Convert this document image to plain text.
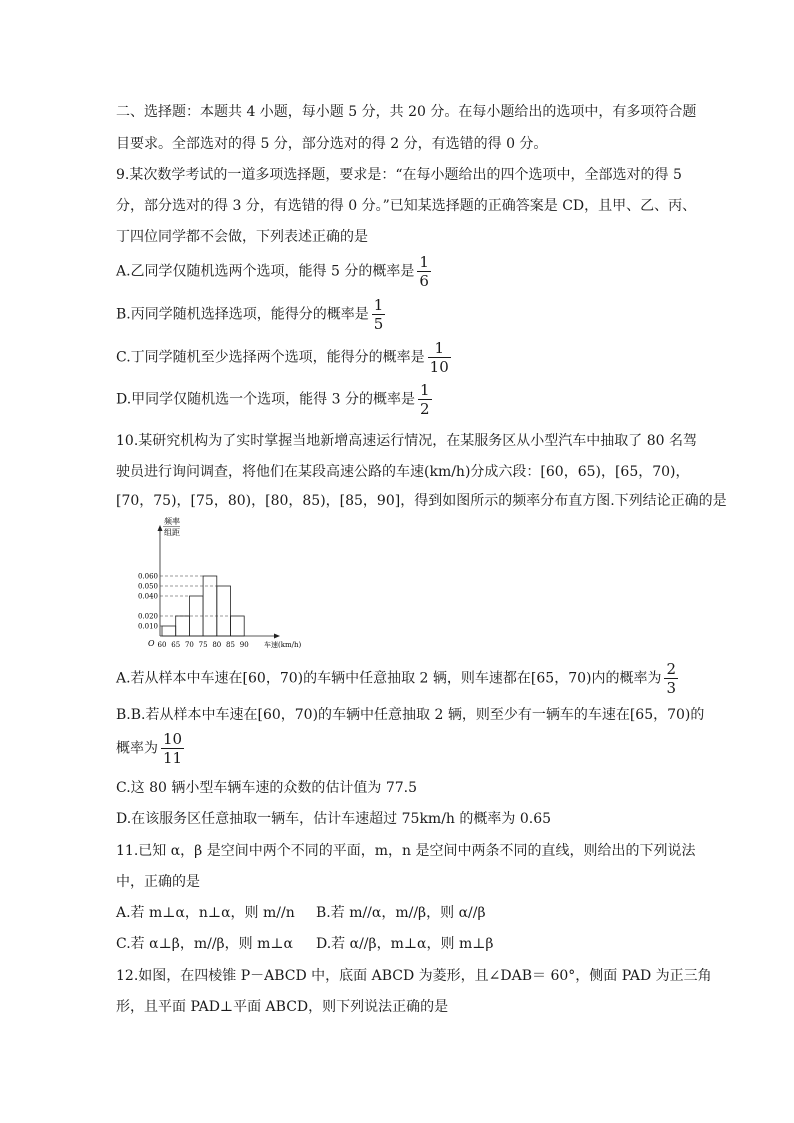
二、选择题：本题共 4 小题，每小题 5 分，共 20 分。在每小题给出的选项中，有多项符合题
目要求。全部选对的得 5 分，部分选对的得 2 分，有选错的得 0 分。
9.某次数学考试的一道多项选择题，要求是：“在每小题给出的四个选项中，全部选对的得 5
分，部分选对的得 3 分，有选错的得 0 分。”已知某选择题的正确答案是 CD，且甲、乙、丙、
丁四位同学都不会做，下列表述正确的是
A.乙同学仅随机选两个选项，能得 5 分的概率是 $\frac{1}{6}$
B.丙同学随机选择选项，能得分的概率是 $\frac{1}{5}$
C.丁同学随机至少选择两个选项，能得分的概率是 $\frac{1}{10}$
D.甲同学仅随机选一个选项，能得 3 分的概率是 $\frac{1}{2}$
10.某研究机构为了实时掌握当地新增高速运行情况，在某服务区从小型汽车中抽取了 80 名驾
驶员进行询问调查，将他们在某段高速公路的车速(km/h)分成六段：[60，65)，[65，70)，
[70，75)，[75，80)，[80，85)，[85，90]，得到如图所示的频率分布直方图.下列结论正确的是
频率
组距
0.010
0.020
0.040
0.050
0.060
60 65 70 75 80 85 90
O	车速(km/h)
A.若从样本中车速在[60，70)的车辆中任意抽取 2 辆，则车速都在[65，70)内的概率为 $\frac{2}{3}$
B.B.若从样本中车速在[60，70)的车辆中任意抽取 2 辆，则至少有一辆车的车速在[65，70)的
概率为 $\frac{10}{11}$
C.这 80 辆小型车辆车速的众数的估计值为 77.5
D.在该服务区任意抽取一辆车，估计车速超过 75km/h 的概率为 0.65
11.已知 α，β 是空间中两个不同的平面，m，n 是空间中两条不同的直线，则给出的下列说法
中，正确的是
A.若 m⊥α，n⊥α，则 m//n B.若 m//α，m//β，则 α//β
C.若 α⊥β，m//β，则 m⊥α D.若 α//β，m⊥α，则 m⊥β
12.如图，在四棱锥 P－ABCD 中，底面 ABCD 为菱形，且∠DAB＝ 60°，侧面 PAD 为正三角
形，且平面 PAD⊥平面 ABCD，则下列说法正确的是
